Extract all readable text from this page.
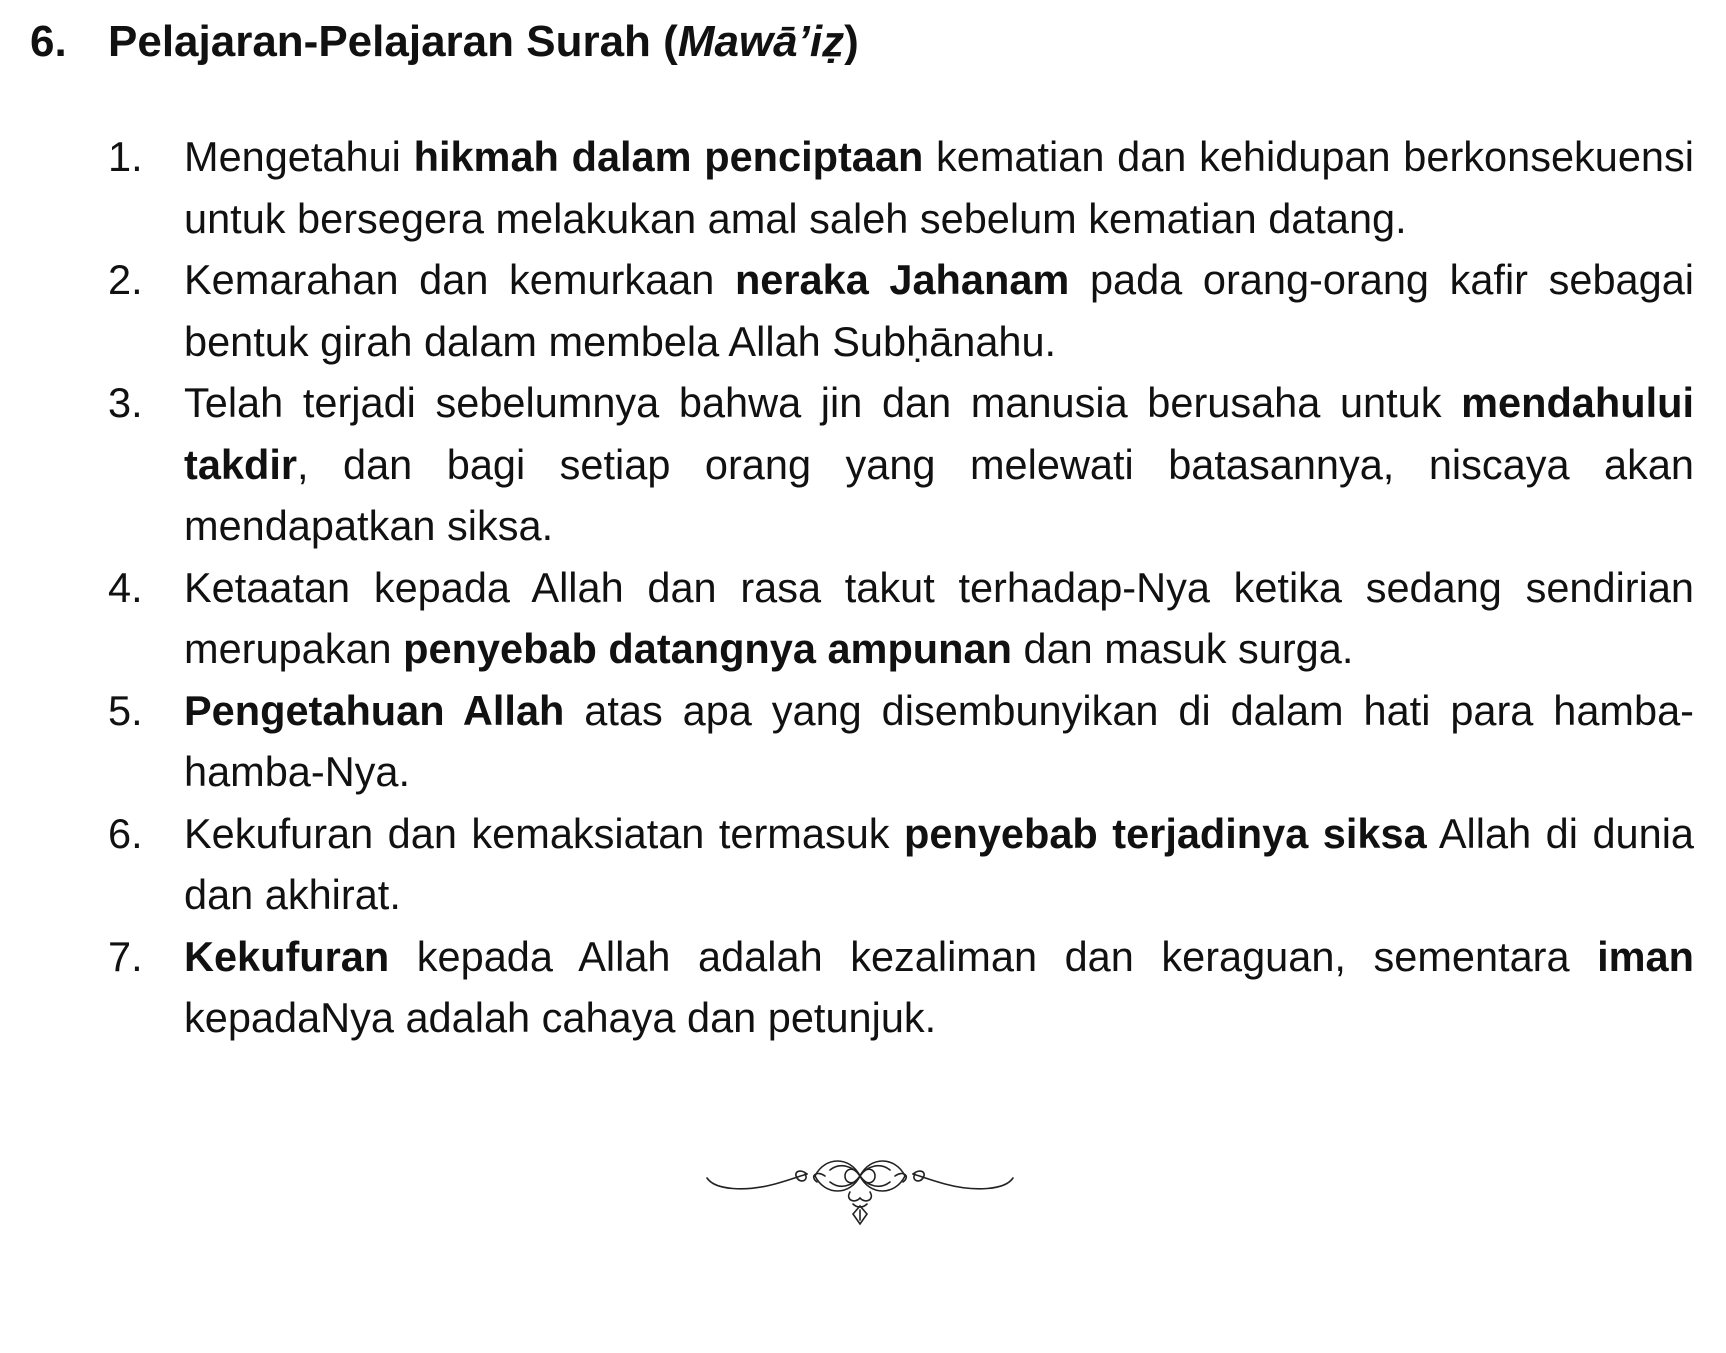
6. Pelajaran-Pelajaran Surah (Mawā’iẓ)
1. Mengetahui hikmah dalam penciptaan kematian dan kehidupan berkonsekuensi untuk bersegera melakukan amal saleh sebelum kematian datang.
2. Kemarahan dan kemurkaan neraka Jahanam pada orang-orang kafir sebagai bentuk girah dalam membela Allah Subḥānahu.
3. Telah terjadi sebelumnya bahwa jin dan manusia berusaha untuk mendahului takdir, dan bagi setiap orang yang melewati batasannya, niscaya akan mendapatkan siksa.
4. Ketaatan kepada Allah dan rasa takut terhadap-Nya ketika sedang sendirian merupakan penyebab datangnya ampunan dan masuk surga.
5. Pengetahuan Allah atas apa yang disembunyikan di dalam hati para hamba-hamba-Nya.
6. Kekufuran dan kemaksiatan termasuk penyebab terjadinya siksa Allah di dunia dan akhirat.
7. Kekufuran kepada Allah adalah kezaliman dan keraguan, sementara iman kepadaNya adalah cahaya dan petunjuk.
